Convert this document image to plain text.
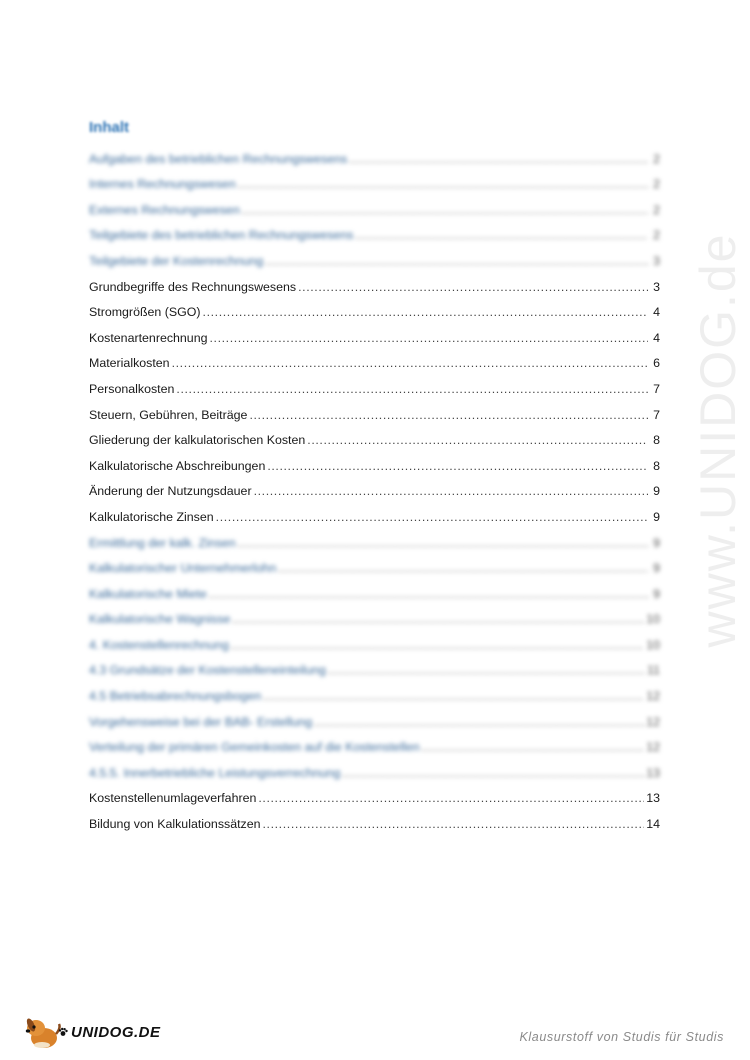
Inhalt
Aufgaben des betrieblichen Rechnungswesens .....	2
Internes Rechnungswesen .....	2
Externes Rechnungswesen .....	2
Teilgebiete des betrieblichen Rechnungswesens .....	2
Teilgebiete der Kostenrechnung .....	3
Grundbegriffe des Rechnungswesens .....	3
Stromgrößen (SGO) .....	4
Kostenartenrechnung .....	4
Materialkosten .....	6
Personalkosten .....	7
Steuern, Gebühren, Beiträge .....	7
Gliederung der kalkulatorischen Kosten .....	8
Kalkulatorische Abschreibungen .....	8
Änderung der Nutzungsdauer .....	9
Kalkulatorische Zinsen .....	9
Ermittlung der kalk. Zinsen .....	9
Kalkulatorischer Unternehmerlohn .....	9
Kalkulatorische Miete .....	9
Kalkulatorische Wagnisse .....	10
4. Kostenstellenrechnung .....	10
4.3 Grundsätze der Kostenstelleneinteilung .....	11
4.5 Betriebsabrechnungsbogen .....	12
Vorgehensweise bei der BAB- Erstellung .....	12
Verteilung der primären Gemeinkosten auf die Kostenstellen .....	12
4.5.5. Innerbetriebliche Leistungsverrechnung .....	13
Kostenstellenumlageverfahren .....	13
Bildung von Kalkulationssätzen .....	14
www.UNIDOG.de
UNIDOG.DE	Klausurstoff von Studis für Studis
